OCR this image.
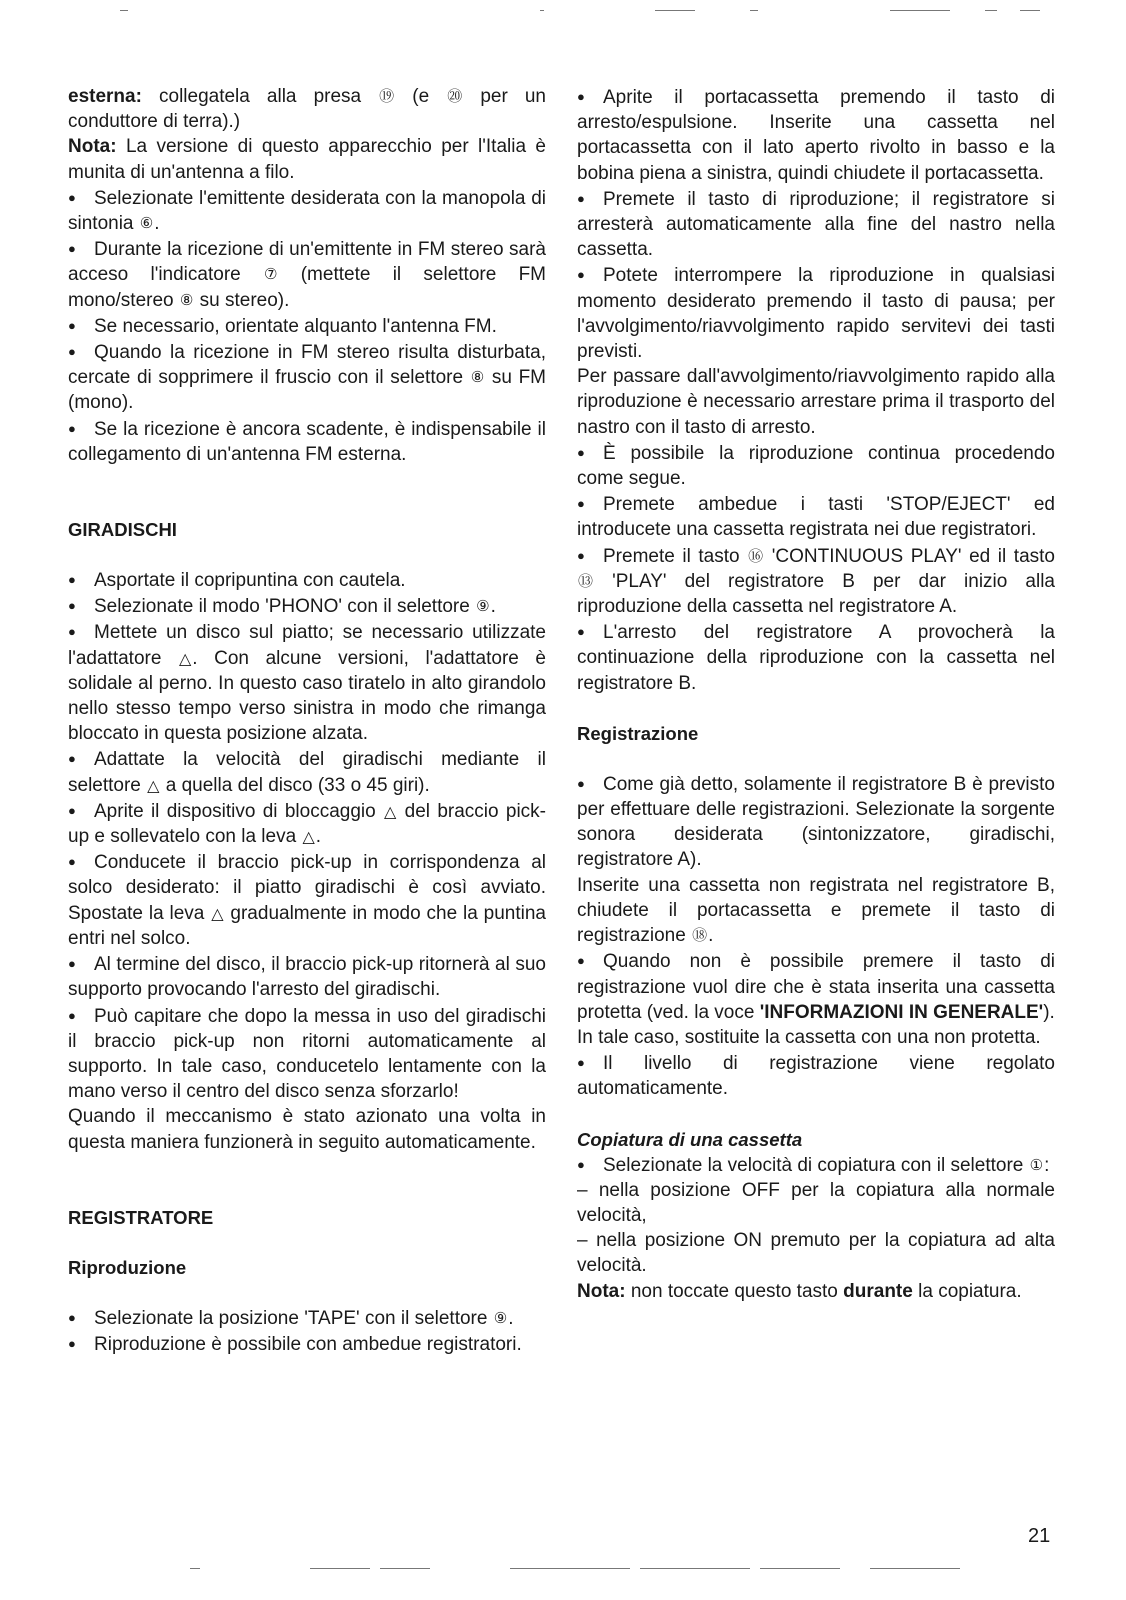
esterna: collegatela alla presa ⑲ (e ⑳ per un conduttore di terra).)

Nota: La versione di questo apparecchio per l'Italia è munita di un'antenna a filo.

● Selezionate l'emittente desiderata con la manopola di sintonia ⑥.

● Durante la ricezione di un'emittente in FM stereo sarà acceso l'indicatore ⑦ (mettete il selettore FM mono/stereo ⑧ su stereo).

● Se necessario, orientate alquanto l'antenna FM.

● Quando la ricezione in FM stereo risulta disturbata, cercate di sopprimere il fruscio con il selettore ⑧ su FM (mono).

● Se la ricezione è ancora scadente, è indispensabile il collegamento di un'antenna FM esterna.

GIRADISCHI

● Asportate il copripuntina con cautela.

● Selezionate il modo 'PHONO' con il selettore ⑨.

● Mettete un disco sul piatto; se necessario utilizzate l'adattatore △. Con alcune versioni, l'adattatore è solidale al perno. In questo caso tiratelo in alto girandolo nello stesso tempo verso sinistra in modo che rimanga bloccato in questa posizione alzata.

● Adattate la velocità del giradischi mediante il selettore △ a quella del disco (33 o 45 giri).

● Aprite il dispositivo di bloccaggio △ del braccio pick-up e sollevatelo con la leva △.

● Conducete il braccio pick-up in corrispondenza al solco desiderato: il piatto giradischi è così avviato. Spostate la leva △ gradualmente in modo che la puntina entri nel solco.

● Al termine del disco, il braccio pick-up ritornerà al suo supporto provocando l'arresto del giradischi.

● Può capitare che dopo la messa in uso del giradischi il braccio pick-up non ritorni automaticamente al supporto. In tale caso, conducetelo lentamente con la mano verso il centro del disco senza sforzarlo!

Quando il meccanismo è stato azionato una volta in questa maniera funzionerà in seguito automaticamente.

REGISTRATORE
Riproduzione

● Selezionate la posizione 'TAPE' con il selettore ⑨.

● Riproduzione è possibile con ambedue registratori.

● Aprite il portacassetta premendo il tasto di arresto/espulsione. Inserite una cassetta nel portacassetta con il lato aperto rivolto in basso e la bobina piena a sinistra, quindi chiudete il portacassetta.

● Premete il tasto di riproduzione; il registratore si arresterà automaticamente alla fine del nastro nella cassetta.

● Potete interrompere la riproduzione in qualsiasi momento desiderato premendo il tasto di pausa; per l'avvolgimento/riavvolgimento rapido servitevi dei tasti previsti.

Per passare dall'avvolgimento/riavvolgimento rapido alla riproduzione è necessario arrestare prima il trasporto del nastro con il tasto di arresto.

● È possibile la riproduzione continua procedendo come segue.

● Premete ambedue i tasti 'STOP/EJECT' ed introducete una cassetta registrata nei due registratori.

● Premete il tasto ⑯ 'CONTINUOUS PLAY' ed il tasto ⑬ 'PLAY' del registratore B per dar inizio alla riproduzione della cassetta nel registratore A.

● L'arresto del registratore A provocherà la continuazione della riproduzione con la cassetta nel registratore B.

Registrazione

● Come già detto, solamente il registratore B è previsto per effettuare delle registrazioni. Selezionate la sorgente sonora desiderata (sintonizzatore, giradischi, registratore A).

Inserite una cassetta non registrata nel registratore B, chiudete il portacassetta e premete il tasto di registrazione ⑱.

● Quando non è possibile premere il tasto di registrazione vuol dire che è stata inserita una cassetta protetta (ved. la voce 'INFORMAZIONI IN GENERALE').

In tale caso, sostituite la cassetta con una non protetta.

● Il livello di registrazione viene regolato automaticamente.

Copiatura di una cassetta

● Selezionate la velocità di copiatura con il selettore ①:

– nella posizione OFF per la copiatura alla normale velocità,

– nella posizione ON premuto per la copiatura ad alta velocità.

Nota: non toccate questo tasto durante la copiatura.

21
